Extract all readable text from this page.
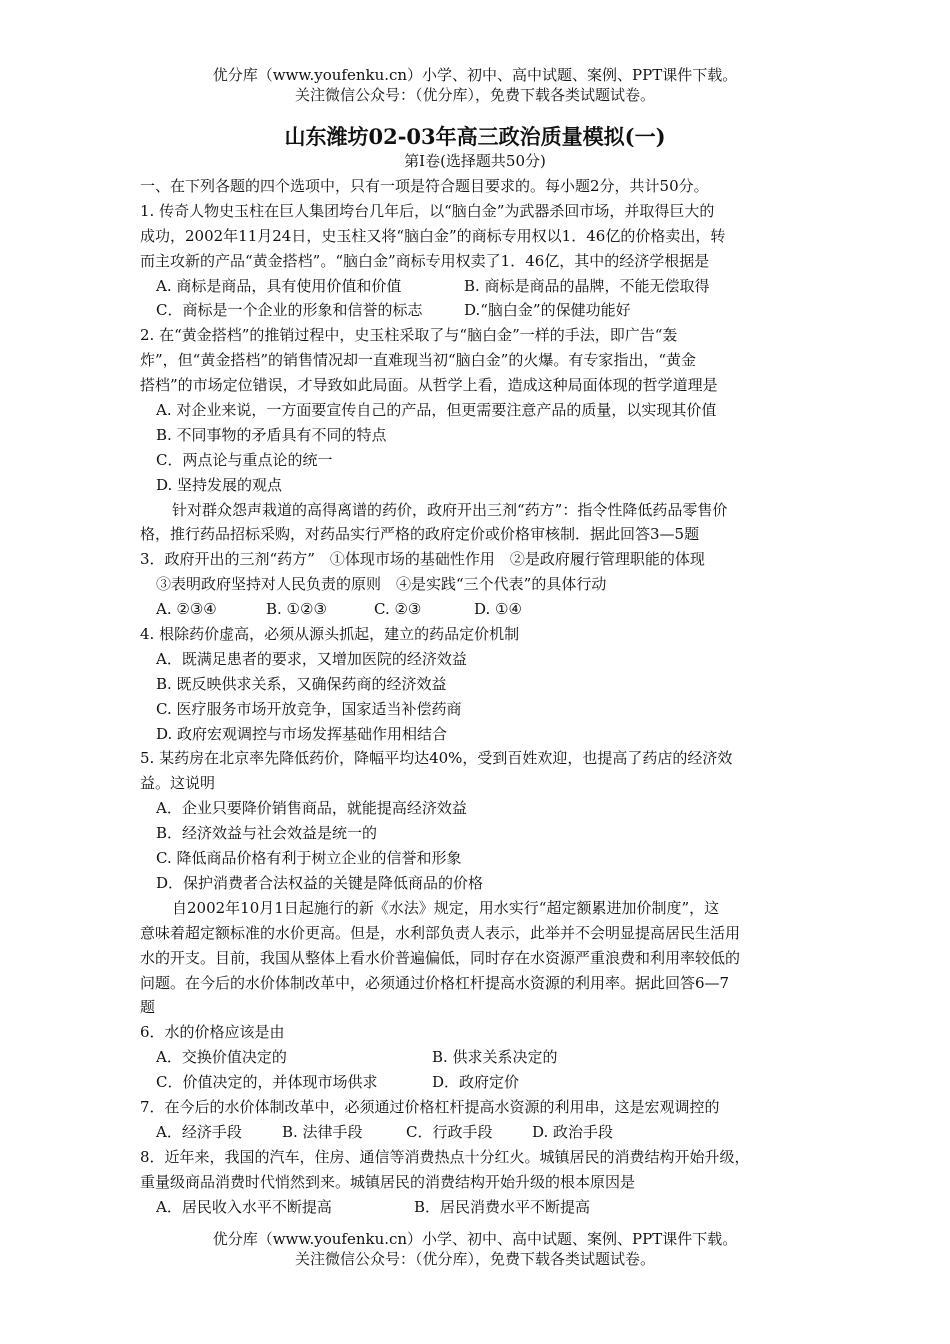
优分库（www.youfenku.cn）小学、初中、高中试题、案例、PPT课件下载。
关注微信公众号：（优分库），免费下载各类试题试卷。
山东潍坊02-03年高三政治质量模拟(一)
第Ⅰ卷(选择题共50分)
一、在下列各题的四个选项中，只有一项是符合题目要求的。每小题2分，共计50分。
1. 传奇人物史玉柱在巨人集团垮台几年后，以“脑白金”为武器杀回市场，并取得巨大的
成功，2002年11月24日，史玉柱又将“脑白金”的商标专用权以1．46亿的价格卖出，转
而主攻新的产品“黄金搭档”。“脑白金”商标专用权卖了1．46亿，其中的经济学根据是
A. 商标是商品，具有使用价值和价值	B. 商标是商品的晶牌，不能无偿取得
C．商标是一个企业的形象和信誉的标志	D.“脑白金”的保健功能好
2. 在“黄金搭档”的推销过程中，史玉柱采取了与“脑白金”一样的手法，即广告“轰
炸”，但“黄金搭档”的销售情况却一直难现当初“脑白金”的火爆。有专家指出，“黄金
搭档”的市场定位错误，才导致如此局面。从哲学上看，造成这种局面体现的哲学道理是
A. 对企业来说，一方面要宣传自己的产品，但更需要注意产品的质量，以实现其价值
B. 不同事物的矛盾具有不同的特点
C．两点论与重点论的统一
D. 坚持发展的观点
针对群众怨声栽道的高得离谱的药价，政府开出三剂“药方”：指令性降低药品零售价
格，推行药品招标采购，对药品实行严格的政府定价或价格审核制．据此回答3—5题
3．政府开出的三剂“药方”　①体现市场的基础性作用　②是政府履行管理职能的体现
③表明政府坚持对人民负责的原则　④是实践“三个代表”的具体行动
A. ②③④	B. ①②③	C. ②③	D. ①④
4. 根除药价虚高，必须从源头抓起，建立的药品定价机制
A．既满足患者的要求，又增加医院的经济效益
B. 既反映供求关系，又确保药商的经济效益
C. 医疗服务市场开放竞争，国家适当补偿药商
D. 政府宏观调控与市场发挥基础作用相结合
5. 某药房在北京率先降低药价，降幅平均达40%，受到百姓欢迎，也提高了药店的经济效
益。这说明
A．企业只要降价销售商品，就能提高经济效益
B．经济效益与社会效益是统一的
C. 降低商品价格有利于树立企业的信誉和形象
D．保护消费者合法权益的关键是降低商品的价格
自2002年10月1日起施行的新《水法》规定，用水实行“超定额累进加价制度”，这
意味着超定额标准的水价更高。但是，水利部负责人表示，此举并不会明显提高居民生活用
水的开支。目前，我国从整体上看水价普遍偏低，同时存在水资源严重浪费和利用率较低的
问题。在今后的水价体制改革中，必须通过价格杠杆提高水资源的利用率。据此回答6—7
题
6．水的价格应该是由
A．交换价值决定的	B. 供求关系决定的
C．价值决定的，并体现市场供求	D．政府定价
7．在今后的水价体制改革中，必须通过价格杠杆提高水资源的利用串，这是宏观调控的
A．经济手段	B. 法律手段	C．行政手段	D. 政治手段
8．近年来，我国的汽车，住房、通信等消费热点十分红火。城镇居民的消费结构开始升级，
重量级商品消费时代悄然到来。城镇居民的消费结构开始升级的根本原因是
A．居民收入水平不断提高	B．居民消费水平不断提高
优分库（www.youfenku.cn）小学、初中、高中试题、案例、PPT课件下载。
关注微信公众号：（优分库），免费下载各类试题试卷。
